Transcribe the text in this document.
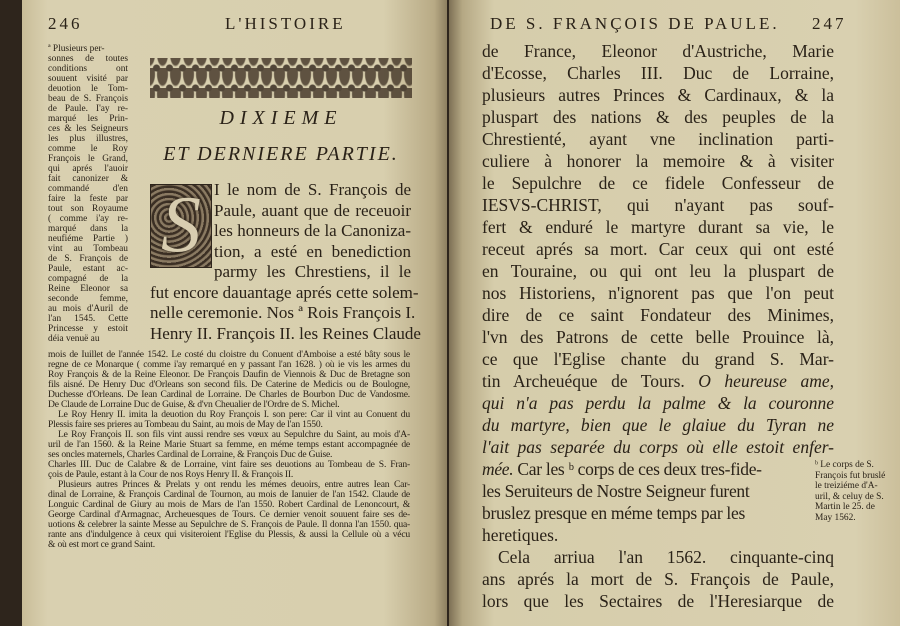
246	L'HISTOIRE
DIXIEME
ET DERNIERE PARTIE.
S I le nom de S. François de
Paule, auant que de receuoir
les honneurs de la Canoniza-
tion, a esté en benediction
parmy les Chrestiens, il le
fut encore dauantage aprés cette solem-
nelle ceremonie. Nos ª Rois François I.
Henry II. François II. les Reines Claude
ª Plusieurs per-
sonnes de toutes
conditions ont
souuent visité par
deuotion le Tom-
beau de S. François
de Paule. I'ay re-
marqué les Prin-
ces & les Seigneurs
les plus illustres,
comme le Roy
François le Grand,
qui aprés l'auoir
fait canonizer &
commandé d'en
faire la feste par
tout son Royaume
( comme i'ay re-
marqué dans la
neufiéme Partie )
vint au Tombeau
de S. François de
Paule, estant ac-
compagné de la
Reine Eleonor sa
seconde femme,
au mois d'Auril de
l'an 1545. Cette
Princesse y estoit
déia venuë au
mois de Iuillet de l'année 1542. Le costé du cloistre du Conuent d'Amboise a esté bâty sous le
regne de ce Monarque ( comme i'ay remarqué en y passant l'an 1628. ) où ie vis les armes du
Roy François & de la Reine Eleonor. De François Daufin de Viennois & Duc de Bretagne son
fils aisné. De Henry Duc d'Orleans son second fils. De Caterine de Medicis ou de Boulogne,
Duchesse d'Orleans. De Iean Cardinal de Lorraine. De Charles de Bourbon Duc de Vandosme.
De Claude de Lorraine Duc de Guise, & d'vn Cheualier de l'Ordre de S. Michel.
Le Roy Henry II. imita la deuotion du Roy François I. son pere: Car il vint au Conuent du
Plessis faire ses prieres au Tombeau du Saint, au mois de May de l'an 1550.
Le Roy François II. son fils vint aussi rendre ses vœux au Sepulchre du Saint, au mois d'A-
uril de l'an 1560. & la Reine Marie Stuart sa femme, en méme temps estant accompagnée de
ses oncles maternels, Charles Cardinal de Lorraine, & François Duc de Guise.
Charles III. Duc de Calabre & de Lorraine, vint faire ses deuotions au Tombeau de S. Fran-
çois de Paule, estant à la Cour de nos Roys Henry II. & François II.
Plusieurs autres Princes & Prelats y ont rendu les mémes deuoirs, entre autres Iean Car-
dinal de Lorraine, & François Cardinal de Tournon, au mois de Ianuier de l'an 1542. Claude de
Longuic Cardinal de Giury au mois de Mars de l'an 1550. Robert Cardinal de Lenoncourt, &
George Cardinal d'Armagnac, Archeuesques de Tours. Ce dernier venoit souuent faire ses de-
uotions & celebrer la sainte Messe au Sepulchre de S. François de Paule. Il donna l'an 1550. qua-
rante ans d'indulgence à ceux qui visiteroient l'Eglise du Plessis, & aussi la Cellule où a vécu
& où est mort ce grand Saint.
DE S. FRANÇOIS DE PAULE. 247
de France, Eleonor d'Austriche, Marie
d'Ecosse, Charles III. Duc de Lorraine,
plusieurs autres Princes & Cardinaux, & la
pluspart des nations & des peuples de la
Chrestienté, ayant vne inclination parti-
culiere à honorer la memoire & à visiter
le Sepulchre de ce fidele Confesseur de
IESVS-CHRIST, qui n'ayant pas souf-
fert & enduré le martyre durant sa vie, le
receut aprés sa mort. Car ceux qui ont esté
en Touraine, ou qui ont leu la pluspart de
nos Historiens, n'ignorent pas que l'on peut
dire de ce saint Fondateur des Minimes,
l'vn des Patrons de cette belle Prouince là,
ce que l'Eglise chante du grand S. Mar-
tin Archeuéque de Tours. O heureuse ame,
qui n'a pas perdu la palme & la couronne
du martyre, bien que le glaiue du Tyran ne
l'ait pas separée du corps où elle estoit enfer-
mée. Car les ᵇ corps de ces deux tres-fide-
les Seruiteurs de Nostre Seigneur furent
bruslez presque en méme temps par les
heretiques.
Cela arriua l'an 1562. cinquante-cinq
ans aprés la mort de S. François de Paule,
lors que les Sectaires de l'Heresiarque de
ᵇ Le corps de S.
François fut bruslé
le treiziéme d'A-
uril, & celuy de S.
Martin le 25. de
May 1562.
